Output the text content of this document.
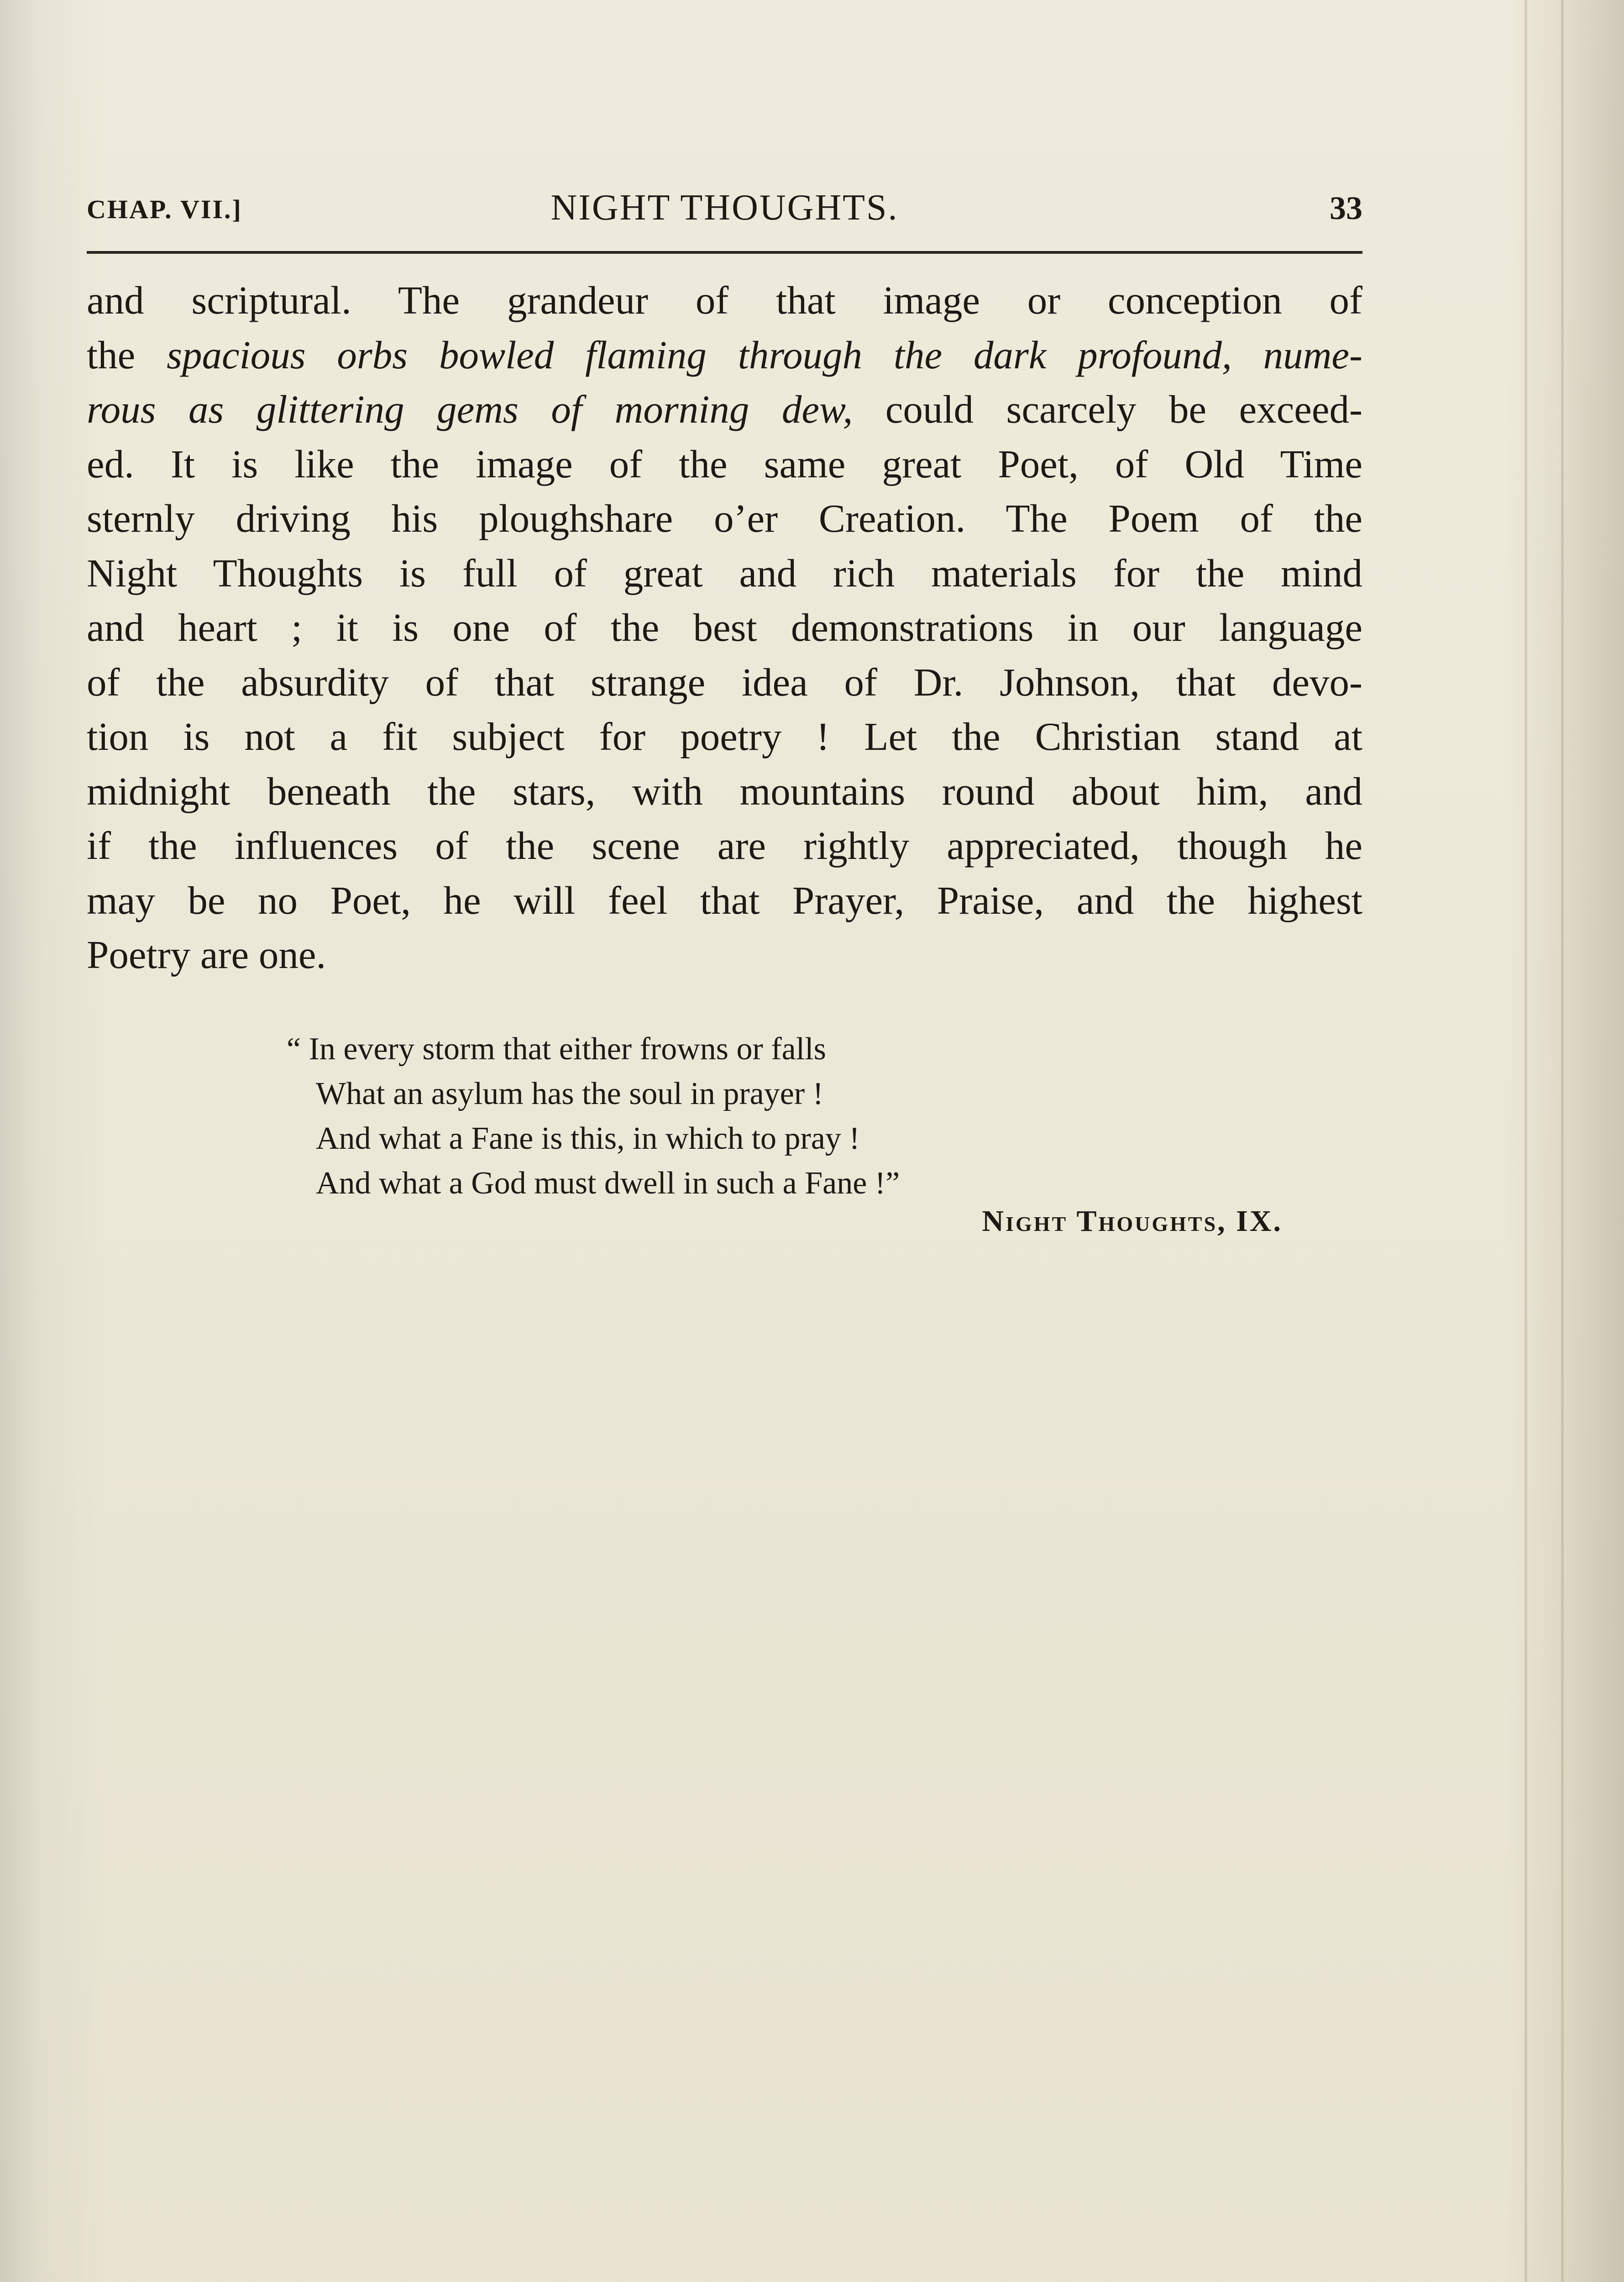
CHAP. VII.]	NIGHT THOUGHTS.	33
and scriptural. The grandeur of that image or conception of
the spacious orbs bowled flaming through the dark profound, nume-
rous as glittering gems of morning dew, could scarcely be exceed-
ed. It is like the image of the same great Poet, of Old Time
sternly driving his ploughshare o’er Creation. The Poem of the
Night Thoughts is full of great and rich materials for the mind
and heart ; it is one of the best demonstrations in our language
of the absurdity of that strange idea of Dr. Johnson, that devo-
tion is not a fit subject for poetry ! Let the Christian stand at
midnight beneath the stars, with mountains round about him, and
if the influences of the scene are rightly appreciated, though he
may be no Poet, he will feel that Prayer, Praise, and the highest
Poetry are one.
“ In every storm that either frowns or falls
What an asylum has the soul in prayer !
And what a Fane is this, in which to pray !
And what a God must dwell in such a Fane !”
Night Thoughts, IX.
